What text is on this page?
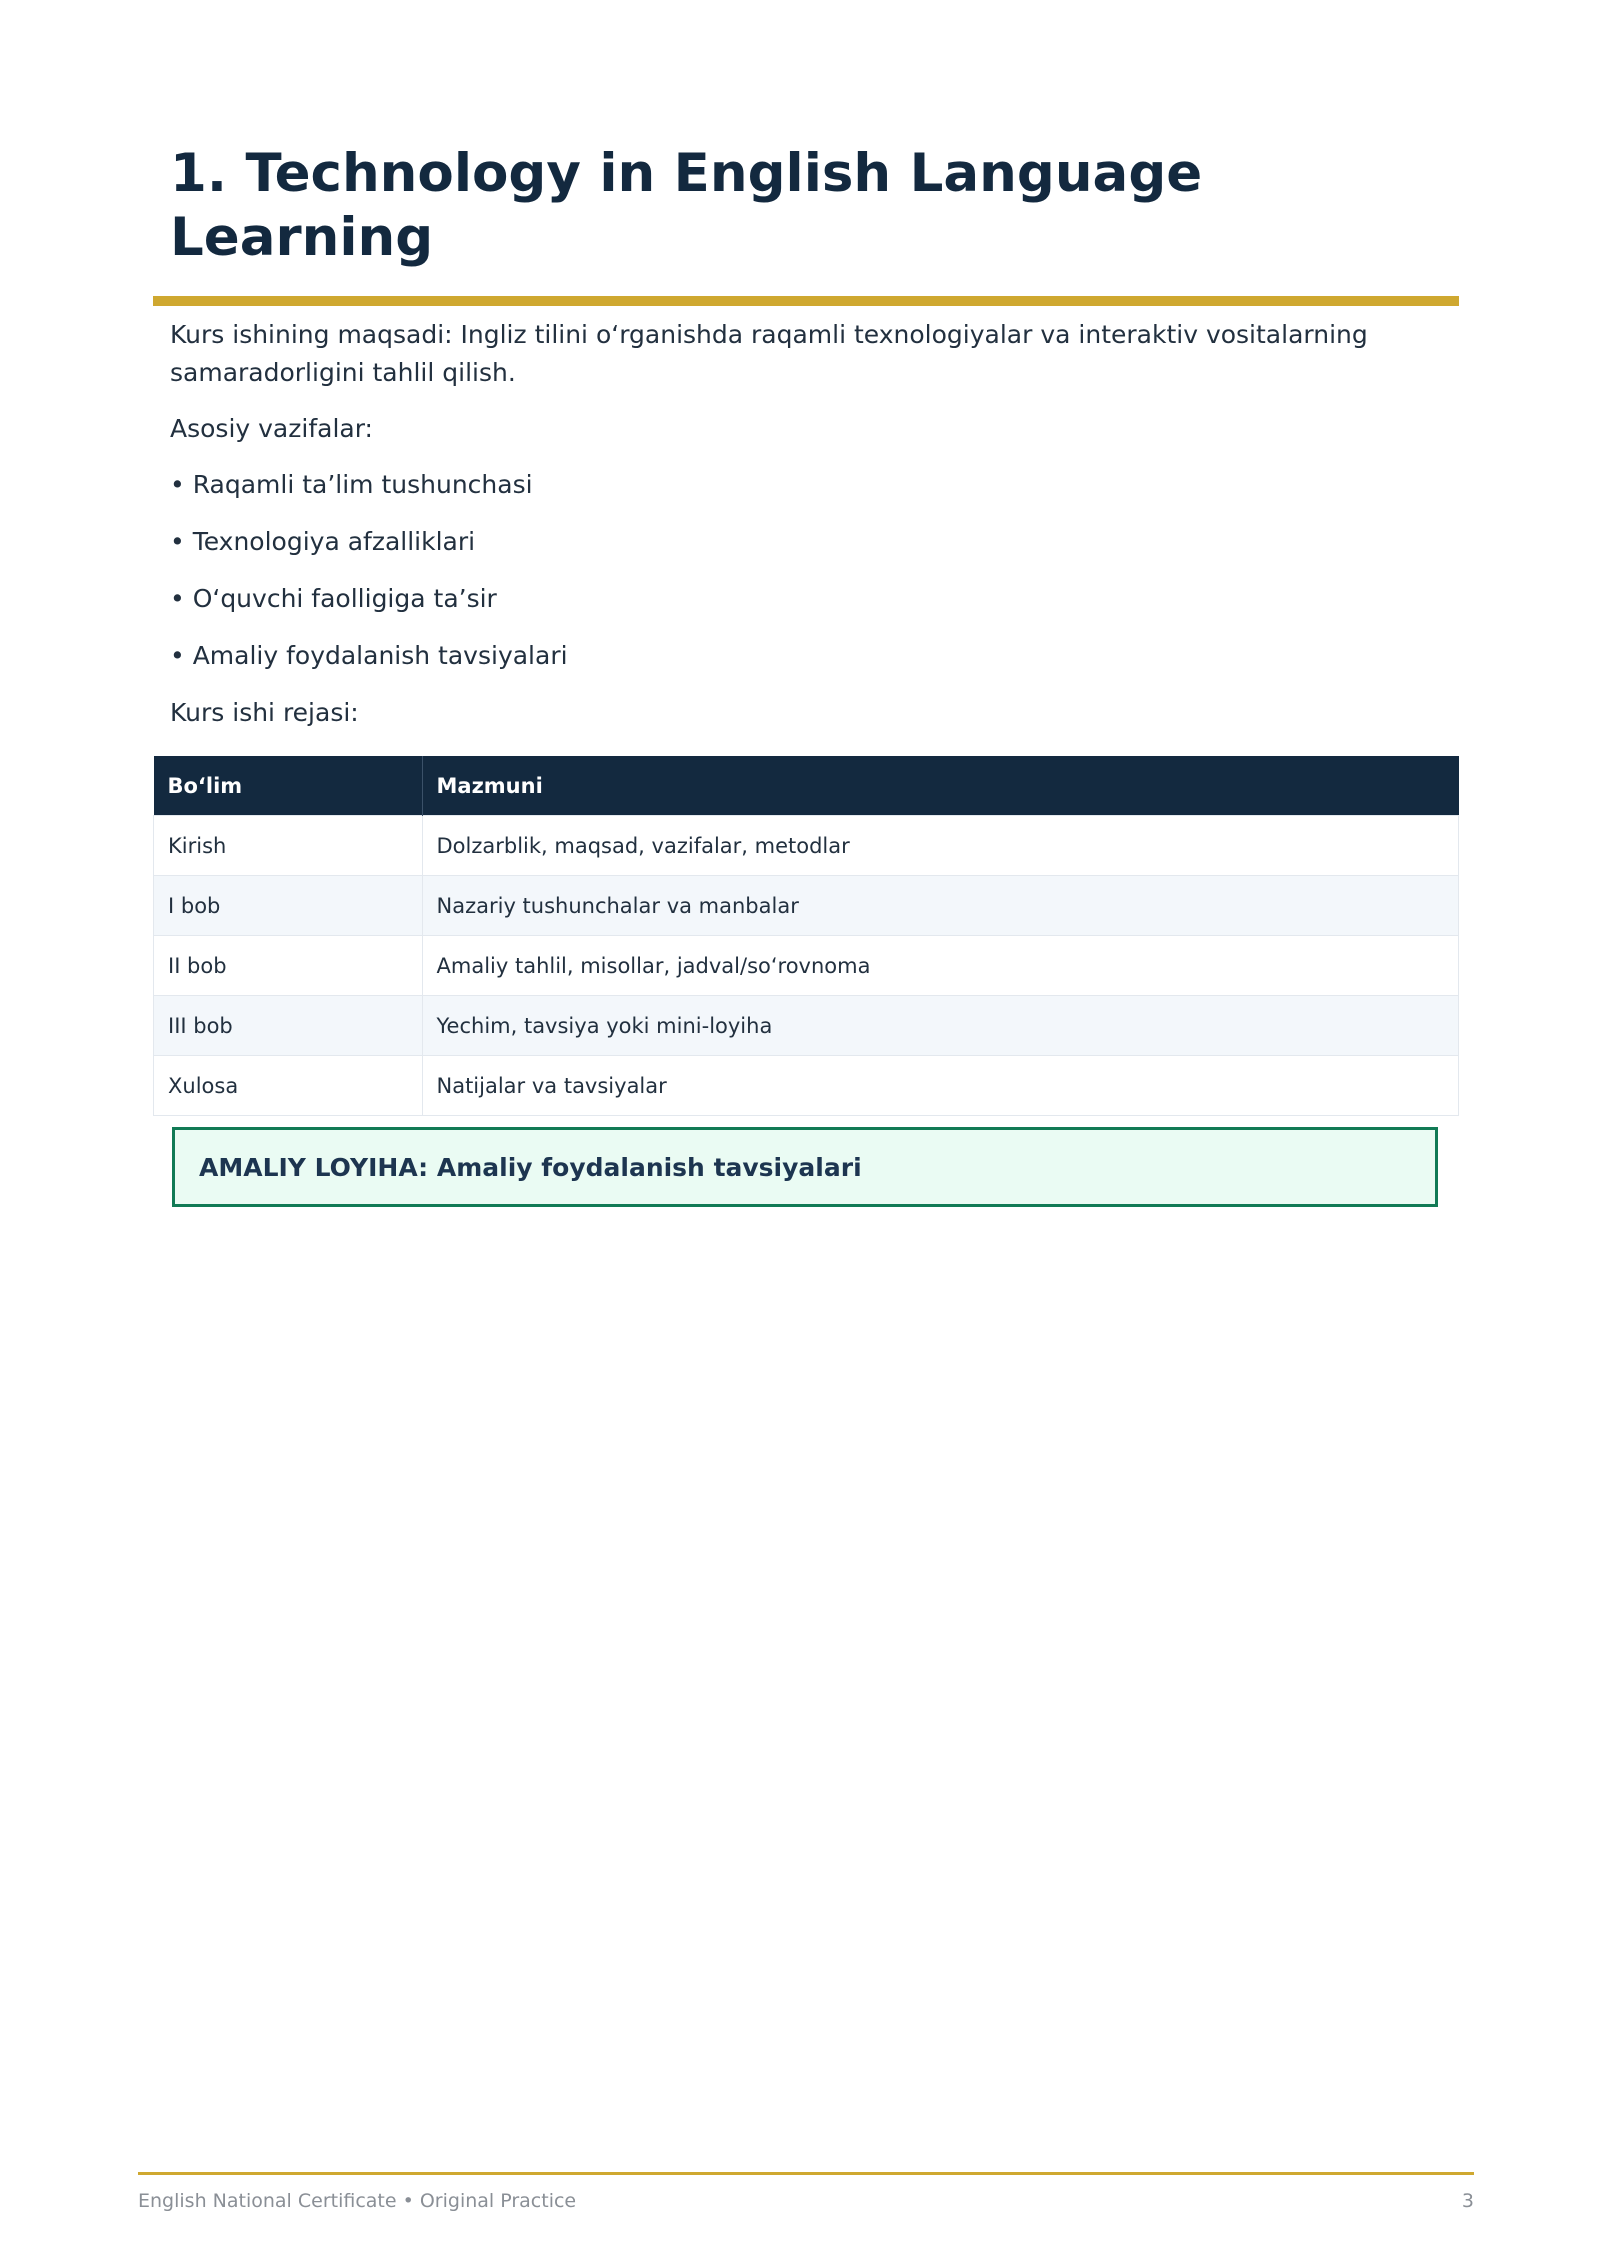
1. Technology in English Language Learning

Kurs ishining maqsadi: Ingliz tilini oʻrganishda raqamli texnologiyalar va interaktiv vositalarning samaradorligini tahlil qilish.

Asosiy vazifalar:

• Raqamli ta’lim tushunchasi

• Texnologiya afzalliklari

• Oʻquvchi faolligiga ta’sir

• Amaliy foydalanish tavsiyalari

Kurs ishi rejasi:

Boʻlim	Mazmuni
Kirish	Dolzarblik, maqsad, vazifalar, metodlar
I bob	Nazariy tushunchalar va manbalar
II bob	Amaliy tahlil, misollar, jadval/soʻrovnoma
III bob	Yechim, tavsiya yoki mini-loyiha
Xulosa	Natijalar va tavsiyalar
AMALIY LOYIHA: Amaliy foydalanish tavsiyalari
English National Certificate • Original Practice	3
